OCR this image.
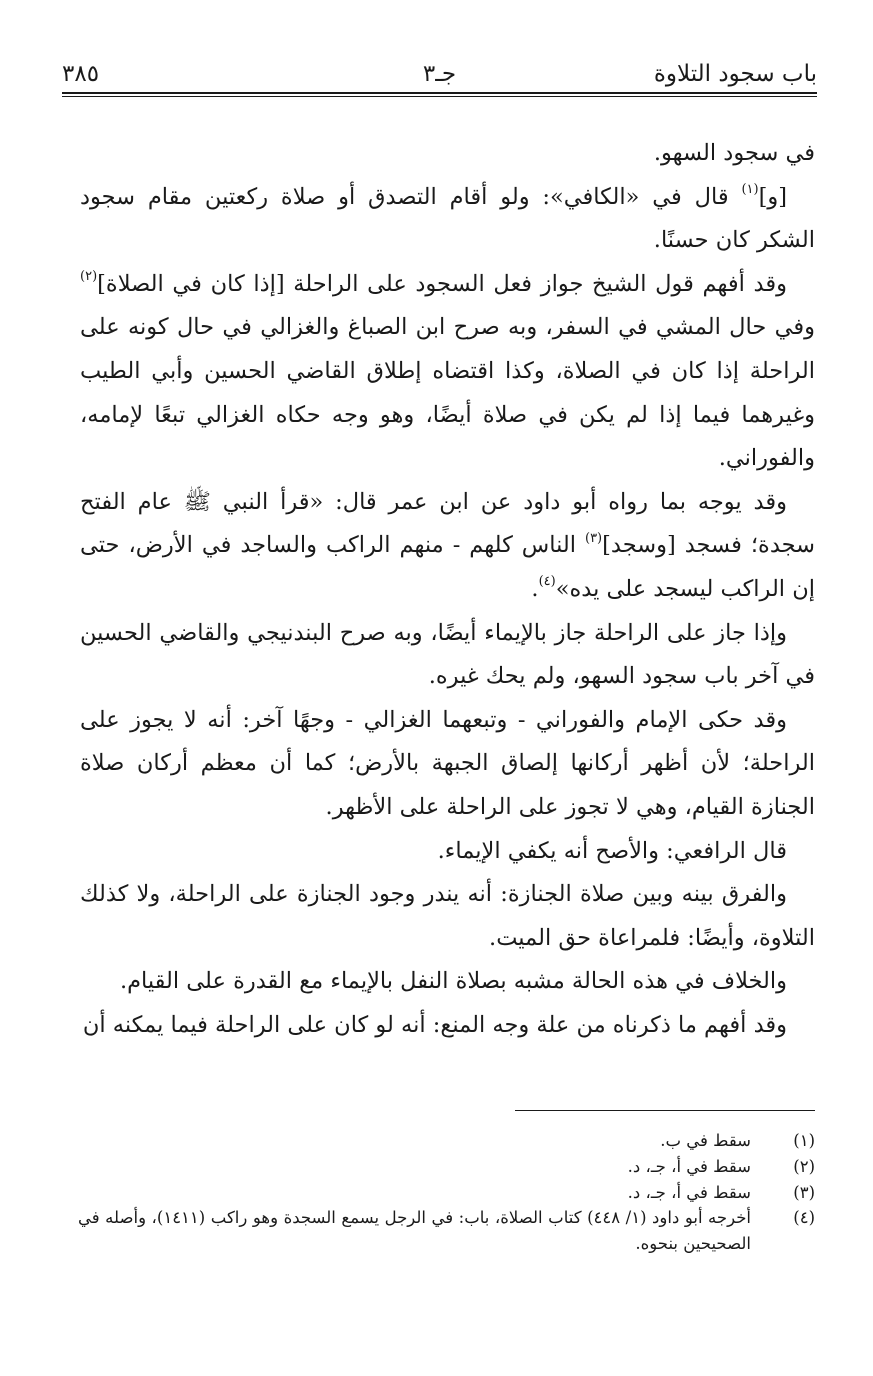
باب سجود التلاوة
جـ٣
٣٨٥

في سجود السهو.

[و]$^{(١)}$ قال في «الكافي»: ولو أقام التصدق أو صلاة ركعتين مقام سجود الشكر كان حسنًا.

وقد أفهم قول الشيخ جواز فعل السجود على الراحلة [إذا كان في الصلاة]$^{(٢)}$ وفي حال المشي في السفر، وبه صرح ابن الصباغ والغزالي في حال كونه على الراحلة إذا كان في الصلاة، وكذا اقتضاه إطلاق القاضي الحسين وأبي الطيب وغيرهما فيما إذا لم يكن في صلاة أيضًا، وهو وجه حكاه الغزالي تبعًا لإمامه، والفوراني.

وقد يوجه بما رواه أبو داود عن ابن عمر قال: «قرأ النبي ﷺ عام الفتح سجدة؛ فسجد [وسجد]$^{(٣)}$ الناس كلهم - منهم الراكب والساجد في الأرض، حتى إن الراكب ليسجد على يده»$^{(٤)}$.

وإذا جاز على الراحلة جاز بالإيماء أيضًا، وبه صرح البندنيجي والقاضي الحسين في آخر باب سجود السهو، ولم يحك غيره.

وقد حكى الإمام والفوراني - وتبعهما الغزالي - وجهًا آخر: أنه لا يجوز على الراحلة؛ لأن أظهر أركانها إلصاق الجبهة بالأرض؛ كما أن معظم أركان صلاة الجنازة القيام، وهي لا تجوز على الراحلة على الأظهر.

قال الرافعي: والأصح أنه يكفي الإيماء.

والفرق بينه وبين صلاة الجنازة: أنه يندر وجود الجنازة على الراحلة، ولا كذلك التلاوة، وأيضًا: فلمراعاة حق الميت.

والخلاف في هذه الحالة مشبه بصلاة النفل بالإيماء مع القدرة على القيام.

وقد أفهم ما ذكرناه من علة وجه المنع: أنه لو كان على الراحلة فيما يمكنه أن

(١)
سقط في ب.
(٢)
سقط في أ، جـ، د.
(٣)
سقط في أ، جـ، د.
(٤)
أخرجه أبو داود (١/ ٤٤٨) كتاب الصلاة، باب: في الرجل يسمع السجدة وهو راكب (١٤١١)، وأصله في الصحيحين بنحوه.
